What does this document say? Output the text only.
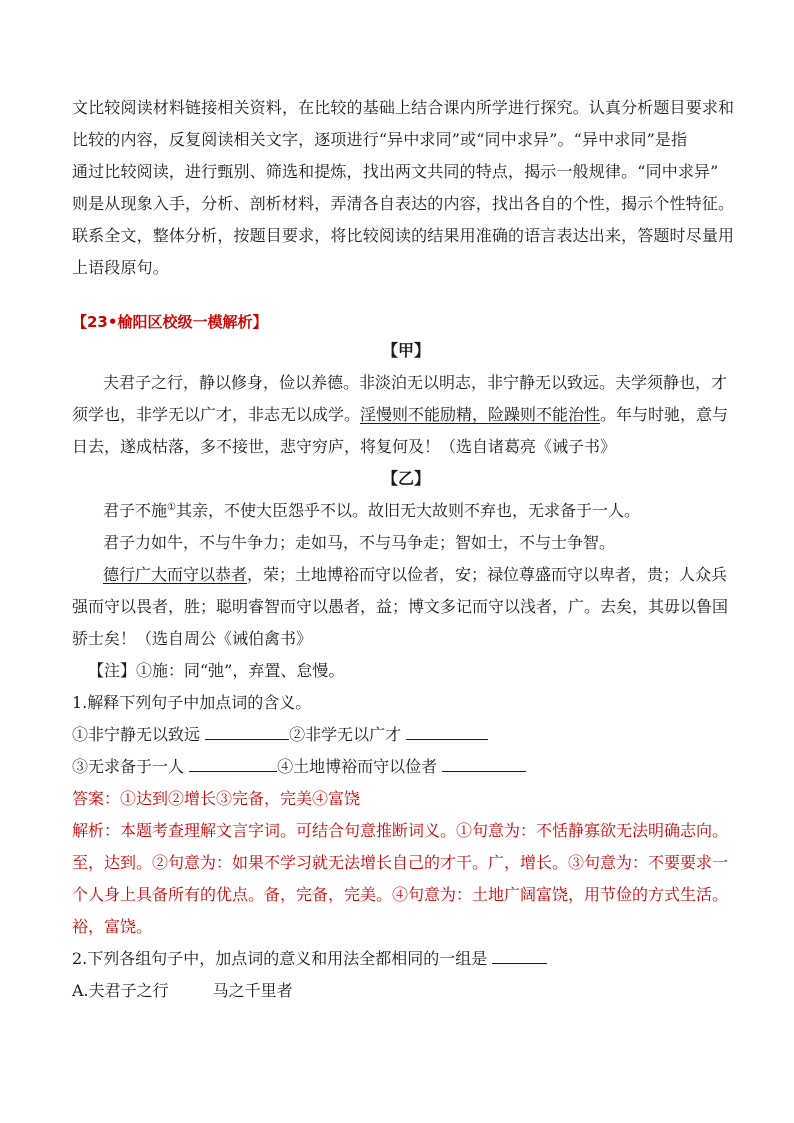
文比较阅读材料链接相关资料，在比较的基础上结合课内所学进行探究。认真分析题目要求和
比较的内容，反复阅读相关文字，逐项进行“异中求同”或“同中求异”。“异中求同”是指
通过比较阅读，进行甄别、筛选和提炼，找出两文共同的特点，揭示一般规律。“同中求异”
则是从现象入手，分析、剖析材料，弄清各自表达的内容，找出各自的个性，揭示个性特征。
联系全文，整体分析，按题目要求，将比较阅读的结果用准确的语言表达出来，答题时尽量用
上语段原句。
【23•榆阳区校级一模解析】
【甲】
夫君子之行，静以修身，俭以养德。非淡泊无以明志，非宁静无以致远。夫学须静也，才
须学也，非学无以广才，非志无以成学。淫慢则不能励精，险躁则不能治性。年与时驰，意与
日去，遂成枯落，多不接世，悲守穷庐，将复何及！（选自诸葛亮《诫子书》
【乙】
君子不施①其亲，不使大臣怨乎不以。故旧无大故则不弃也，无求备于一人。
君子力如牛，不与牛争力；走如马，不与马争走；智如士，不与士争智。
德行广大而守以恭者，荣；土地博裕而守以俭者，安；禄位尊盛而守以卑者，贵；人众兵
强而守以畏者，胜；聪明睿智而守以愚者，益；博文多记而守以浅者，广。去矣，其毋以鲁国
骄士矣！（选自周公《诫伯禽书》
【注】①施：同“弛”，弃置、怠慢。
1.解释下列句子中加点词的含义。
①非宁静无以致远	②非学无以广才
③无求备于一人	④土地博裕而守以俭者
答案：①达到②增长③完备，完美④富饶
解析：本题考查理解文言字词。可结合句意推断词义。①句意为：不恬静寡欲无法明确志向。
至，达到。②句意为：如果不学习就无法增长自己的才干。广，增长。③句意为：不要要求一
个人身上具备所有的优点。备，完备，完美。④句意为：土地广阔富饶，用节俭的方式生活。
裕，富饶。
2.下列各组句子中，加点词的意义和用法全都相同的一组是
A.夫君子之行	马之千里者
